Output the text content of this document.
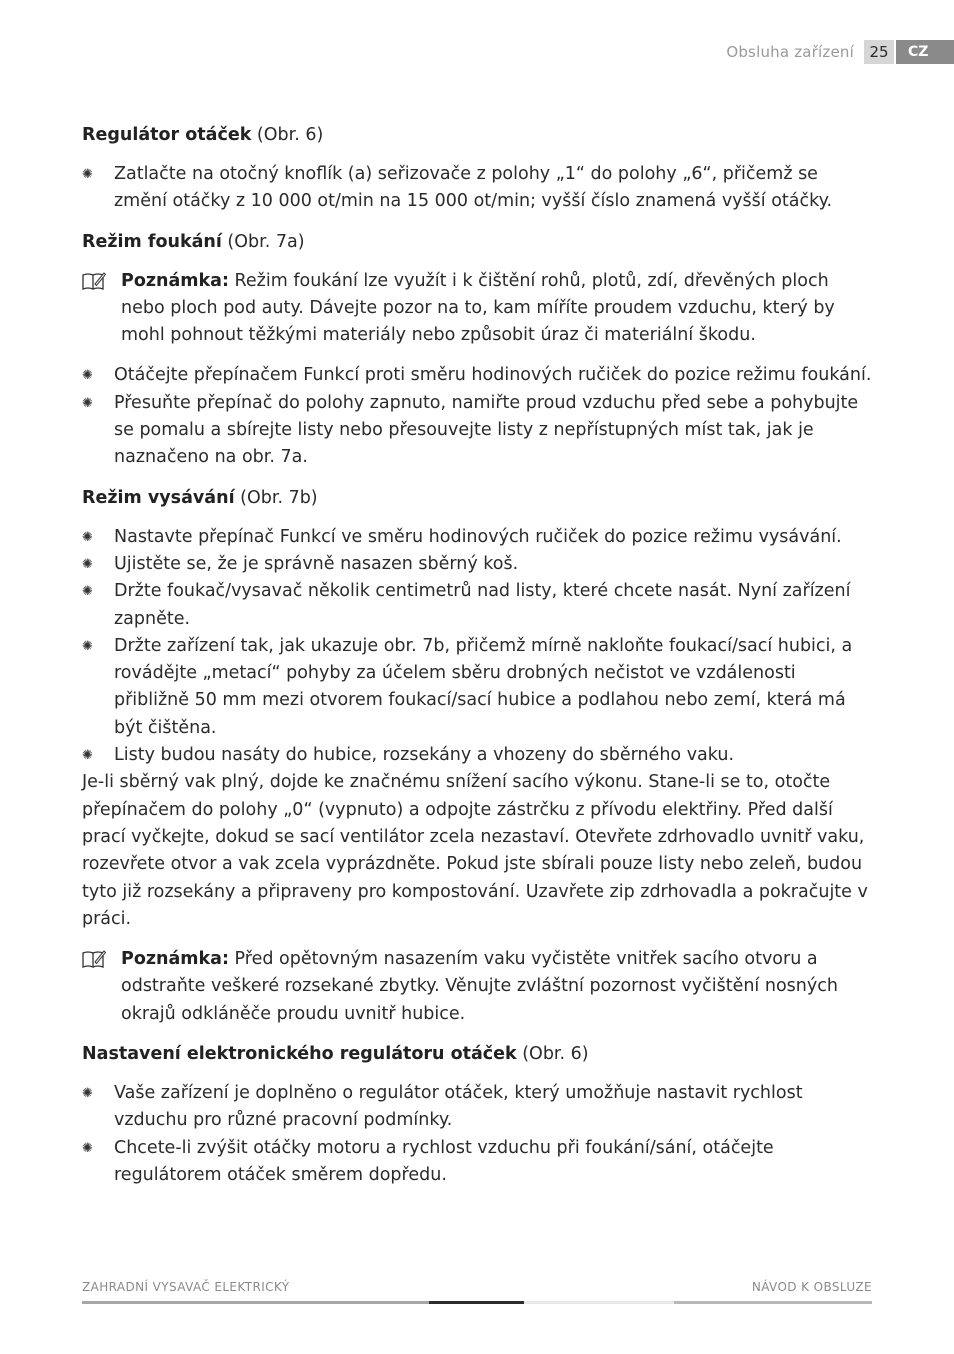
Obsluha zařízení	25	CZ
Regulátor otáček (Obr. 6)
✺ Zatlačte na otočný knoflík (a) seřizovače z polohy „1“ do polohy „6“, přičemž se změní otáčky z 10 000 ot/min na 15 000 ot/min; vyšší číslo znamená vyšší otáčky.
Režim foukání (Obr. 7a)
Poznámka: Režim foukání lze využít i k čištění rohů, plotů, zdí, dřevěných ploch nebo ploch pod auty. Dávejte pozor na to, kam míříte proudem vzduchu, který by mohl pohnout těžkými materiály nebo způsobit úraz či materiální škodu.
✺ Otáčejte přepínačem Funkcí proti směru hodinových ručiček do pozice režimu foukání.
✺ Přesuňte přepínač do polohy zapnuto, namiřte proud vzduchu před sebe a pohybujte se pomalu a sbírejte listy nebo přesouvejte listy z nepřístupných míst tak, jak je naznačeno na obr. 7a.
Režim vysávání (Obr. 7b)
✺ Nastavte přepínač Funkcí ve směru hodinových ručiček do pozice režimu vysávání.
✺ Ujistěte se, že je správně nasazen sběrný koš.
✺ Držte foukač/vysavač několik centimetrů nad listy, které chcete nasát. Nyní zařízení zapněte.
✺ Držte zařízení tak, jak ukazuje obr. 7b, přičemž mírně nakloňte foukací/sací hubici, a rovádějte „metací“ pohyby za účelem sběru drobných nečistot ve vzdálenosti přibližně 50 mm mezi otvorem foukací/sací hubice a podlahou nebo zemí, která má být čištěna.
✺ Listy budou nasáty do hubice, rozsekány a vhozeny do sběrného vaku.

Je-li sběrný vak plný, dojde ke značnému snížení sacího výkonu. Stane-li se to, otočte přepínačem do polohy „0“ (vypnuto) a odpojte zástrčku z přívodu elektřiny. Před další prací vyčkejte, dokud se sací ventilátor zcela nezastaví. Otevřete zdrhovadlo uvnitř vaku, rozevřete otvor a vak zcela vyprázdněte. Pokud jste sbírali pouze listy nebo zeleň, budou tyto již rozsekány a připraveny pro kompostování. Uzavřete zip zdrhovadla a pokračujte v práci.

Poznámka: Před opětovným nasazením vaku vyčistěte vnitřek sacího otvoru a odstraňte veškeré rozsekané zbytky. Věnujte zvláštní pozornost vyčištění nosných okrajů odkláněče proudu uvnitř hubice.
Nastavení elektronického regulátoru otáček (Obr. 6)
✺ Vaše zařízení je doplněno o regulátor otáček, který umožňuje nastavit rychlost vzduchu pro různé pracovní podmínky.
✺ Chcete-li zvýšit otáčky motoru a rychlost vzduchu při foukání/sání, otáčejte regulátorem otáček směrem dopředu.
ZAHRADNÍ VYSAVAČ ELEKTRICKÝ	NÁVOD K OBSLUZE
